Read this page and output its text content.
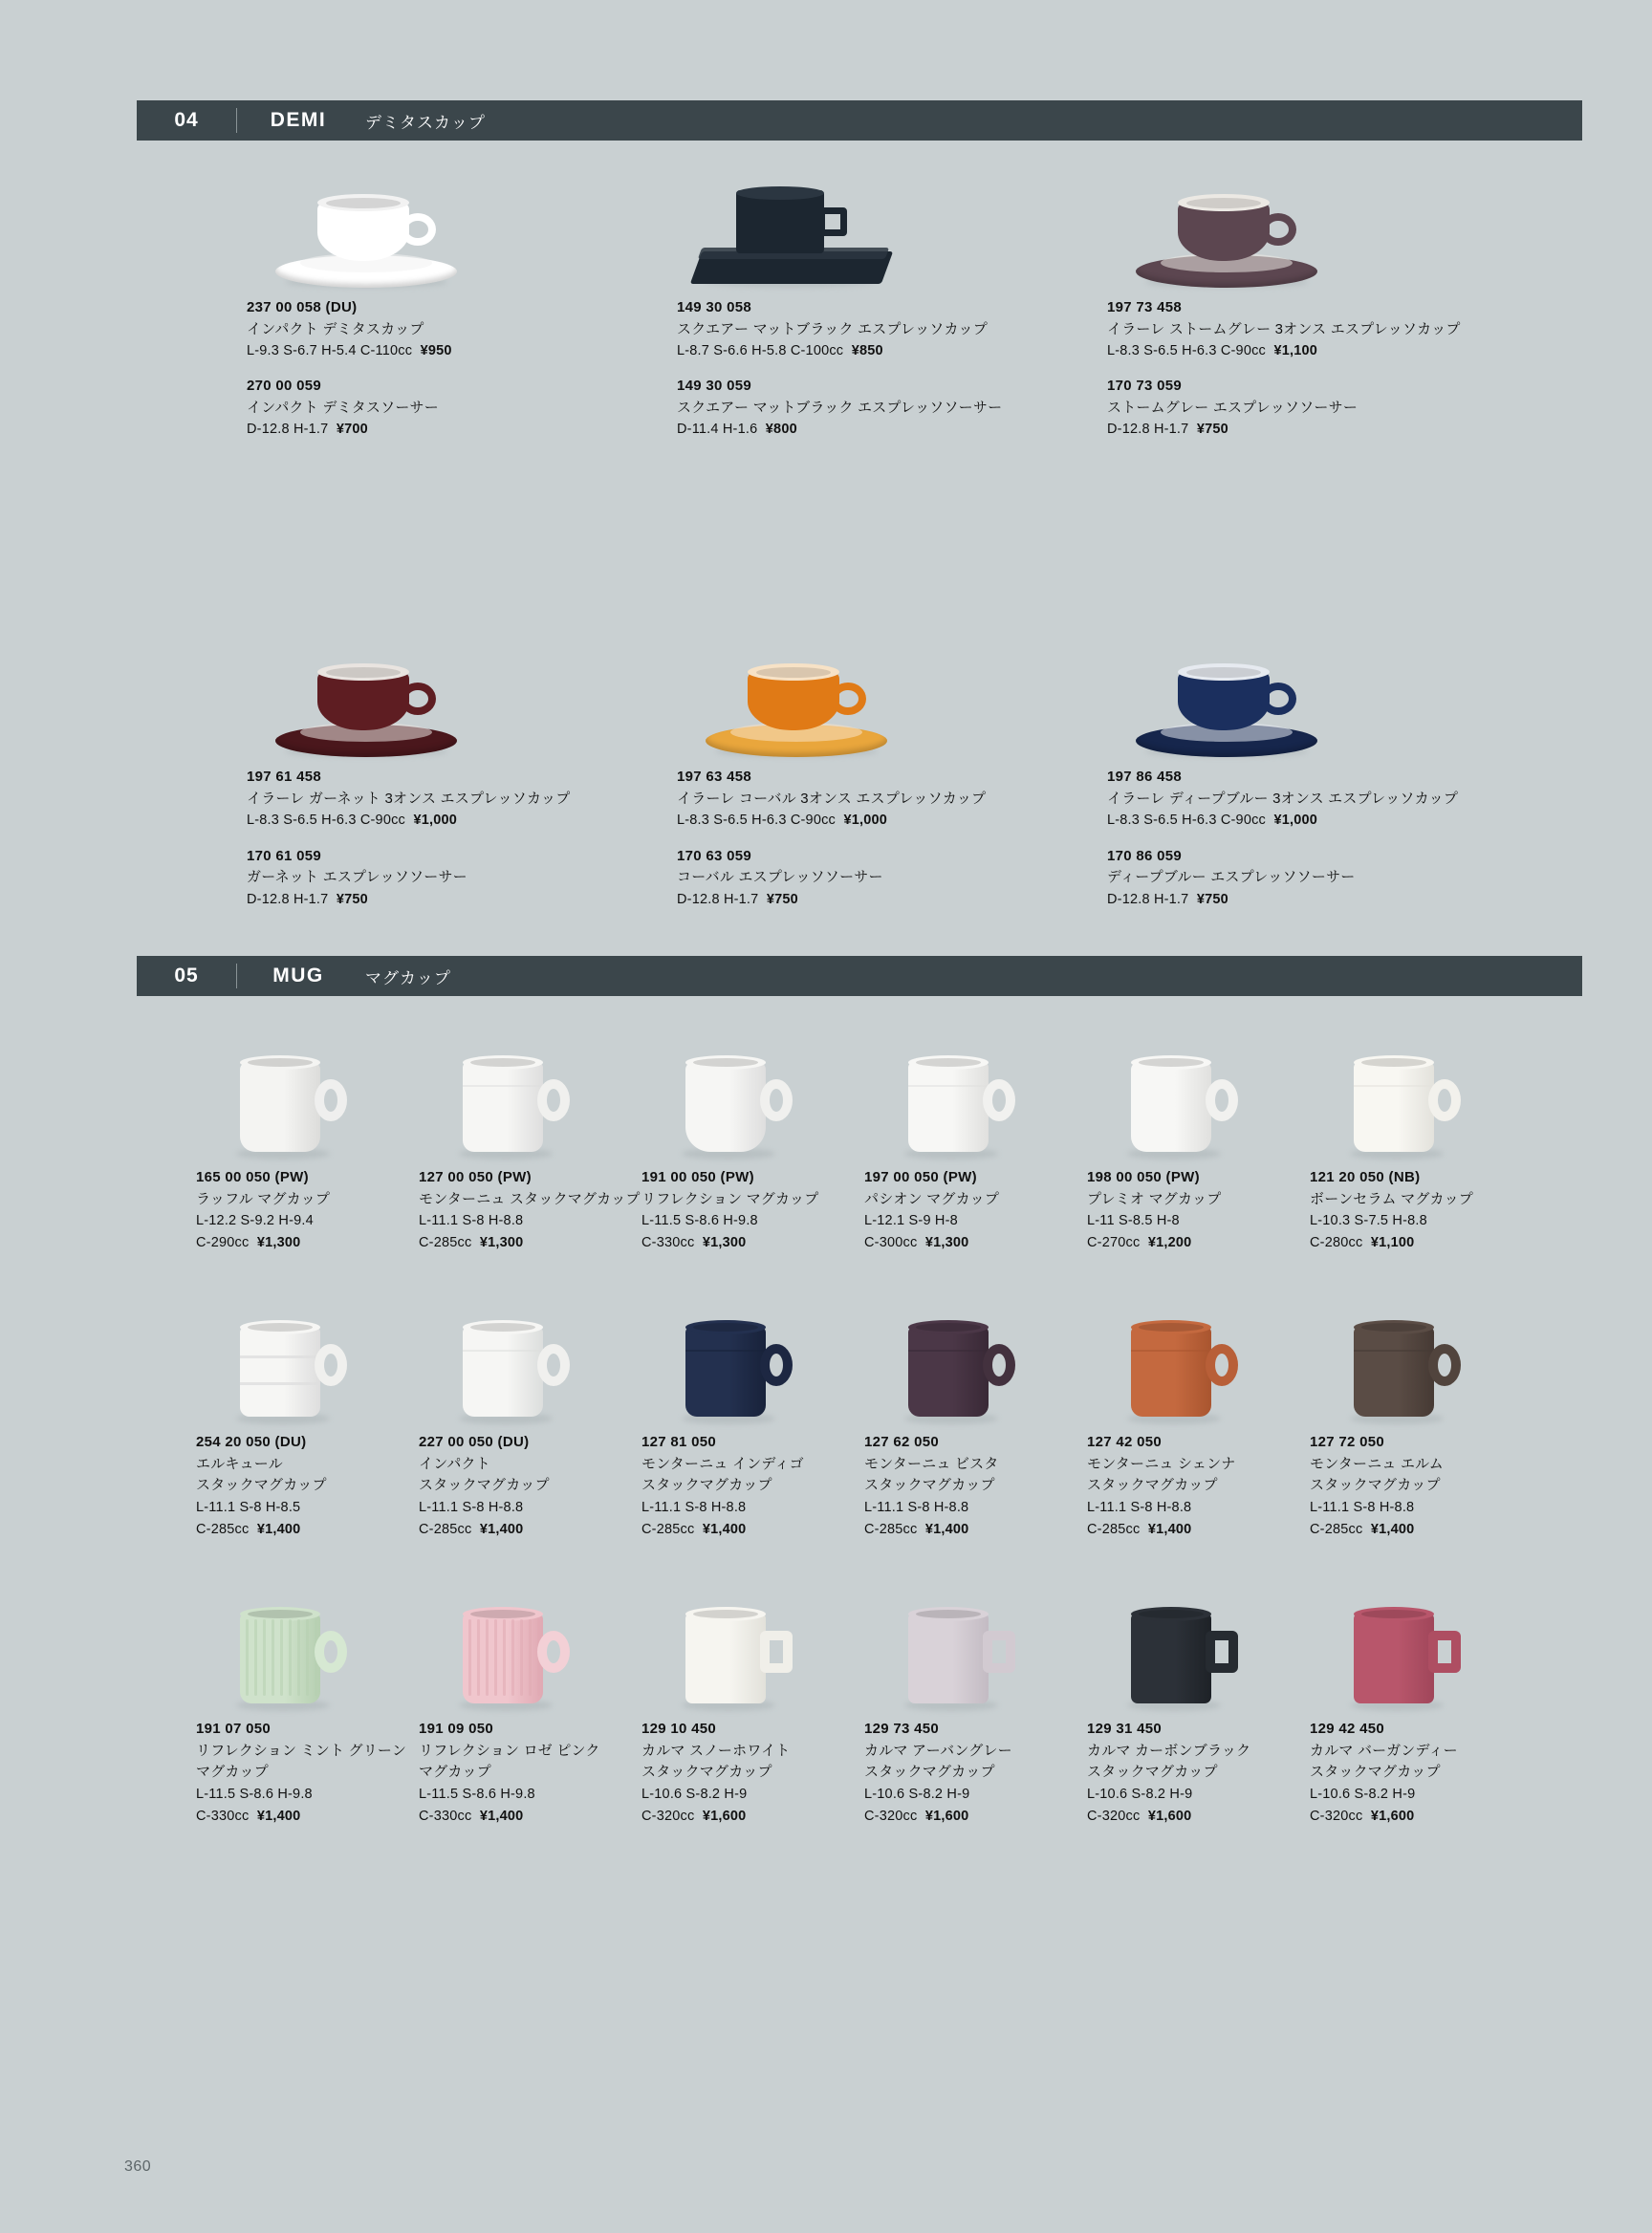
04	DEMI	デミタスカップ
237 00 058 (DU)
インパクト デミタスカップ
L-9.3 S-6.7 H-5.4 C-110cc  ¥950
270 00 059
インパクト デミタスソーサー
D-12.8 H-1.7  ¥700
149 30 058
スクエアー マットブラック エスプレッソカップ
L-8.7 S-6.6 H-5.8 C-100cc  ¥850
149 30 059
スクエアー マットブラック エスプレッソソーサー
D-11.4 H-1.6  ¥800
197 73 458
イラーレ ストームグレー 3オンス エスプレッソカップ
L-8.3 S-6.5 H-6.3 C-90cc  ¥1,100
170 73 059
ストームグレー エスプレッソソーサー
D-12.8 H-1.7  ¥750
197 61 458
イラーレ ガーネット 3オンス エスプレッソカップ
L-8.3 S-6.5 H-6.3 C-90cc  ¥1,000
170 61 059
ガーネット エスプレッソソーサー
D-12.8 H-1.7  ¥750
197 63 458
イラーレ コーバル 3オンス エスプレッソカップ
L-8.3 S-6.5 H-6.3 C-90cc  ¥1,000
170 63 059
コーバル エスプレッソソーサー
D-12.8 H-1.7  ¥750
197 86 458
イラーレ ディープブルー 3オンス エスプレッソカップ
L-8.3 S-6.5 H-6.3 C-90cc  ¥1,000
170 86 059
ディープブルー エスプレッソソーサー
D-12.8 H-1.7  ¥750
05	MUG	マグカップ
165 00 050 (PW)
ラッフル マグカップ
L-12.2 S-9.2 H-9.4
C-290cc  ¥1,300
127 00 050 (PW)
モンターニュ スタックマグカップ
L-11.1 S-8 H-8.8
C-285cc  ¥1,300
191 00 050 (PW)
リフレクション マグカップ
L-11.5 S-8.6 H-9.8
C-330cc  ¥1,300
197 00 050 (PW)
パシオン マグカップ
L-12.1 S-9 H-8
C-300cc  ¥1,300
198 00 050 (PW)
プレミオ マグカップ
L-11 S-8.5 H-8
C-270cc  ¥1,200
121 20 050 (NB)
ボーンセラム マグカップ
L-10.3 S-7.5 H-8.8
C-280cc  ¥1,100
254 20 050 (DU)
エルキュール
スタックマグカップ
L-11.1 S-8 H-8.5
C-285cc  ¥1,400
227 00 050 (DU)
インパクト
スタックマグカップ
L-11.1 S-8 H-8.8
C-285cc  ¥1,400
127 81 050
モンターニュ インディゴ
スタックマグカップ
L-11.1 S-8 H-8.8
C-285cc  ¥1,400
127 62 050
モンターニュ ビスタ
スタックマグカップ
L-11.1 S-8 H-8.8
C-285cc  ¥1,400
127 42 050
モンターニュ シェンナ
スタックマグカップ
L-11.1 S-8 H-8.8
C-285cc  ¥1,400
127 72 050
モンターニュ エルム
スタックマグカップ
L-11.1 S-8 H-8.8
C-285cc  ¥1,400
191 07 050
リフレクション ミント グリーン
マグカップ
L-11.5 S-8.6 H-9.8
C-330cc  ¥1,400
191 09 050
リフレクション ロゼ ピンク
マグカップ
L-11.5 S-8.6 H-9.8
C-330cc  ¥1,400
129 10 450
カルマ スノーホワイト
スタックマグカップ
L-10.6 S-8.2 H-9
C-320cc  ¥1,600
129 73 450
カルマ アーバングレー
スタックマグカップ
L-10.6 S-8.2 H-9
C-320cc  ¥1,600
129 31 450
カルマ カーボンブラック
スタックマグカップ
L-10.6 S-8.2 H-9
C-320cc  ¥1,600
129 42 450
カルマ バーガンディー
スタックマグカップ
L-10.6 S-8.2 H-9
C-320cc  ¥1,600
360
